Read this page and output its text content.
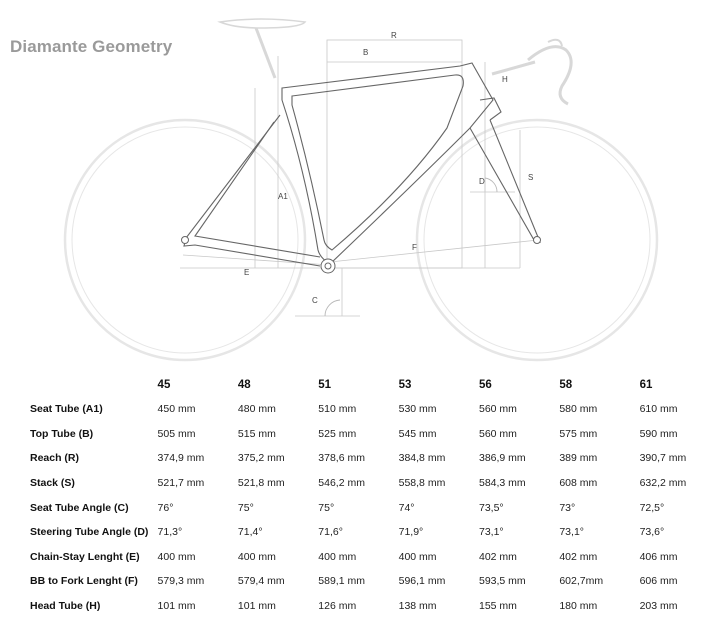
Diamante Geometry
R
B
H
A1
D	S
F
E
C
	45	48	51	53	56	58	61
Seat Tube (A1)	450 mm	480 mm	510 mm	530 mm	560 mm	580 mm	610 mm
Top Tube (B)	505 mm	515 mm	525 mm	545 mm	560 mm	575 mm	590 mm
Reach (R)	374,9 mm	375,2 mm	378,6 mm	384,8 mm	386,9 mm	389 mm	390,7 mm
Stack (S)	521,7 mm	521,8 mm	546,2 mm	558,8 mm	584,3 mm	608 mm	632,2 mm
Seat Tube Angle (C)	76°	75°	75°	74°	73,5°	73°	72,5°
Steering Tube Angle (D)	71,3°	71,4°	71,6°	71,9°	73,1°	73,1°	73,6°
Chain-Stay Lenght (E)	400 mm	400 mm	400 mm	400 mm	402 mm	402 mm	406 mm
BB to Fork Lenght (F)	579,3 mm	579,4 mm	589,1 mm	596,1 mm	593,5 mm	602,7mm	606 mm
Head Tube (H)	101 mm	101 mm	126 mm	138 mm	155 mm	180 mm	203 mm
